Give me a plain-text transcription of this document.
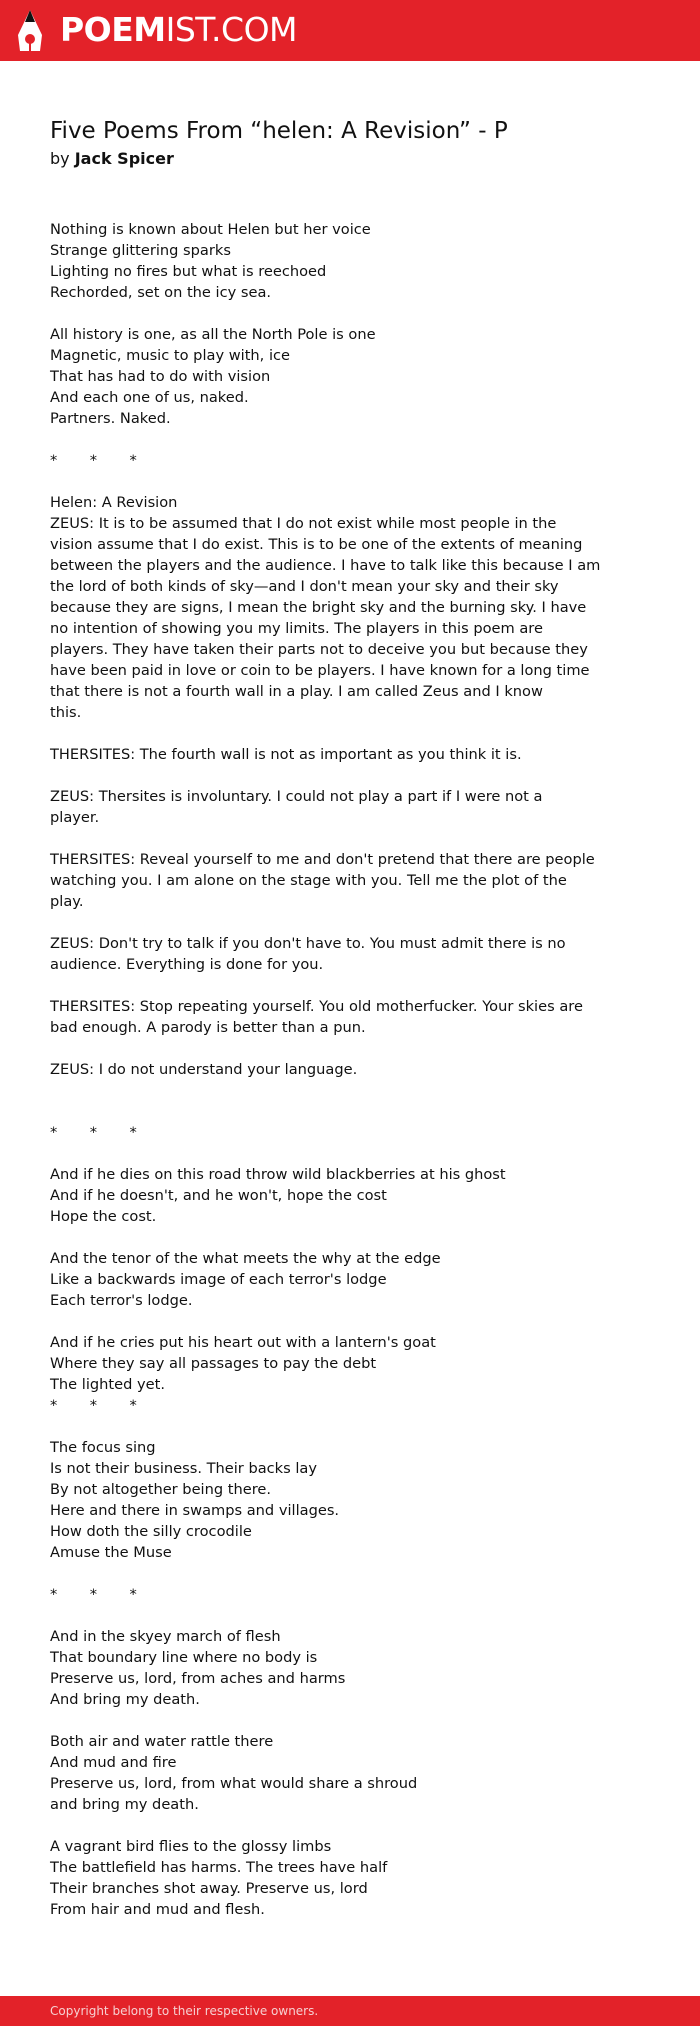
POEMIST.COM
Five Poems From “helen: A Revision” - P
by Jack Spicer
Nothing is known about Helen but her voice
Strange glittering sparks
Lighting no fires but what is reechoed
Rechorded, set on the icy sea.
All history is one, as all the North Pole is one
Magnetic, music to play with, ice
That has had to do with vision
And each one of us, naked.
Partners. Naked.
*       *       *
Helen: A Revision
ZEUS: It is to be assumed that I do not exist while most people in the
vision assume that I do exist. This is to be one of the extents of meaning
between the players and the audience. I have to talk like this because I am
the lord of both kinds of sky—and I don't mean your sky and their sky
because they are signs, I mean the bright sky and the burning sky. I have
no intention of showing you my limits. The players in this poem are
players. They have taken their parts not to deceive you but because they
have been paid in love or coin to be players. I have known for a long time
that there is not a fourth wall in a play. I am called Zeus and I know
this.
THERSITES: The fourth wall is not as important as you think it is.
ZEUS: Thersites is involuntary. I could not play a part if I were not a
player.
THERSITES: Reveal yourself to me and don't pretend that there are people
watching you. I am alone on the stage with you. Tell me the plot of the
play.
ZEUS: Don't try to talk if you don't have to. You must admit there is no
audience. Everything is done for you.
THERSITES: Stop repeating yourself. You old motherfucker. Your skies are
bad enough. A parody is better than a pun.
ZEUS: I do not understand your language.
*       *       *
And if he dies on this road throw wild blackberries at his ghost
And if he doesn't, and he won't, hope the cost
Hope the cost.
And the tenor of the what meets the why at the edge
Like a backwards image of each terror's lodge
Each terror's lodge.
And if he cries put his heart out with a lantern's goat
Where they say all passages to pay the debt
The lighted yet.
*       *       *
The focus sing
Is not their business. Their backs lay
By not altogether being there.
Here and there in swamps and villages.
How doth the silly crocodile
Amuse the Muse
*       *       *
And in the skyey march of flesh
That boundary line where no body is
Preserve us, lord, from aches and harms
And bring my death.
Both air and water rattle there
And mud and fire
Preserve us, lord, from what would share a shroud
and bring my death.
A vagrant bird flies to the glossy limbs
The battlefield has harms. The trees have half
Their branches shot away. Preserve us, lord
From hair and mud and flesh.
Copyright belong to their respective owners.
